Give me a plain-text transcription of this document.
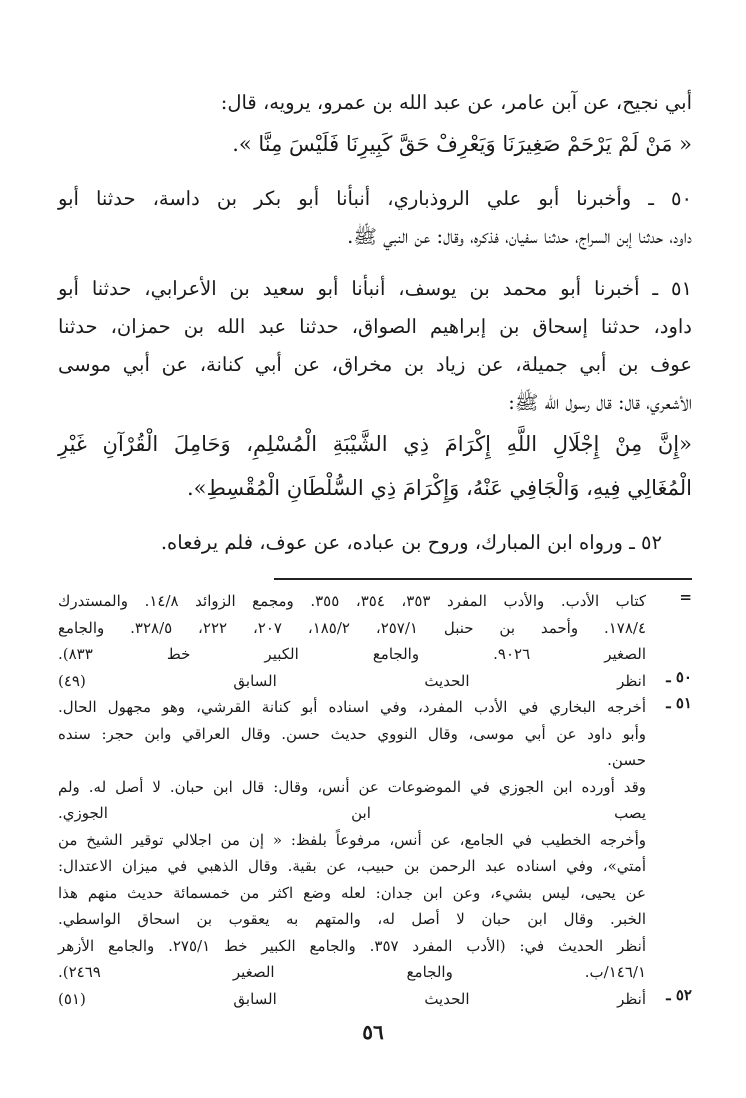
أبي نجيح، عن آبن عامر، عن عبد الله بن عمرو، يرويه، قال:
« مَنْ لَمْ يَرْحَمْ صَغِيرَنَا وَيَعْرِفْ حَقَّ كَبِيرِنَا فَلَيْسَ مِنَّا ».
٥٠ ـ وأخبرنا أبو علي الروذباري، أنبأنا أبو بكر بن داسة، حدثنا أبو
داود، حدثنا إبن السراج، حدثنا سفيان، فذكره، وقال: عن النبي ﷺ.
٥١ ـ أخبرنا أبو محمد بن يوسف، أنبأنا أبو سعيد بن الأعرابي، حدثنا أبو
داود، حدثنا إسحاق بن إبراهيم الصواق، حدثنا عبد الله بن حمزان، حدثنا
عوف بن أبي جميلة، عن زياد بن مخراق، عن أبي كنانة، عن أبي موسى
الأشعري، قال: قال رسول الله ﷺ:
«إِنَّ مِنْ إِجْلَالِ اللَّهِ إِكْرَامَ ذِي الشَّيْبَةِ الْمُسْلِمِ، وَحَامِلَ الْقُرْآنِ غَيْرِ
الْمُغَالِي فِيهِ، وَالْجَافِي عَنْهُ، وَإِكْرَامَ ذِي السُّلْطَانِ الْمُقْسِطِ».
٥٢ ـ ورواه ابن المبارك، وروح بن عباده، عن عوف، فلم يرفعاه.
=
كتاب الأدب. والأدب المفرد ٣٥٣، ٣٥٤، ٣٥٥. ومجمع الزوائد ١٤/٨. والمستدرك
١٧٨/٤. وأحمد بن حنبل ٢٥٧/١، ١٨٥/٢، ٢٠٧، ٢٢٢، ٣٢٨/٥. والجامع
الصغير ٩٠٢٦. والجامع الكبير خط ٨٣٣).
٥٠ ـ
انظر الحديث السابق (٤٩)
٥١ ـ
أخرجه البخاري في الأدب المفرد، وفي اسناده أبو كنانة القرشي، وهو مجهول الحال.
وأبو داود عن أبي موسى، وقال النووي حديث حسن. وقال العراقي وابن حجر: سنده
حسن.
وقد أورده ابن الجوزي في الموضوعات عن أنس، وقال: قال ابن حبان. لا أصل له. ولم
يصب ابن الجوزي.
وأخرجه الخطيب في الجامع، عن أنس، مرفوعاً بلفظ: « إن من اجلالي توقير الشيخ من
أمتي»، وفي اسناده عبد الرحمن بن حبيب، عن بقية. وقال الذهبي في ميزان الاعتدال:
عن يحيى، ليس بشيء، وعن ابن جدان: لعله وضع اكثر من خمسمائة حديث منهم هذا
الخبر. وقال ابن حبان لا أصل له، والمتهم به يعقوب بن اسحاق الواسطي.
أنظر الحديث في: (الأدب المفرد ٣٥٧. والجامع الكبير خط ٢٧٥/١. والجامع الأزهر
١٤٦/١/ب. والجامع الصغير ٢٤٦٩).
٥٢ ـ
أنظر الحديث السابق (٥١)
٥٦
